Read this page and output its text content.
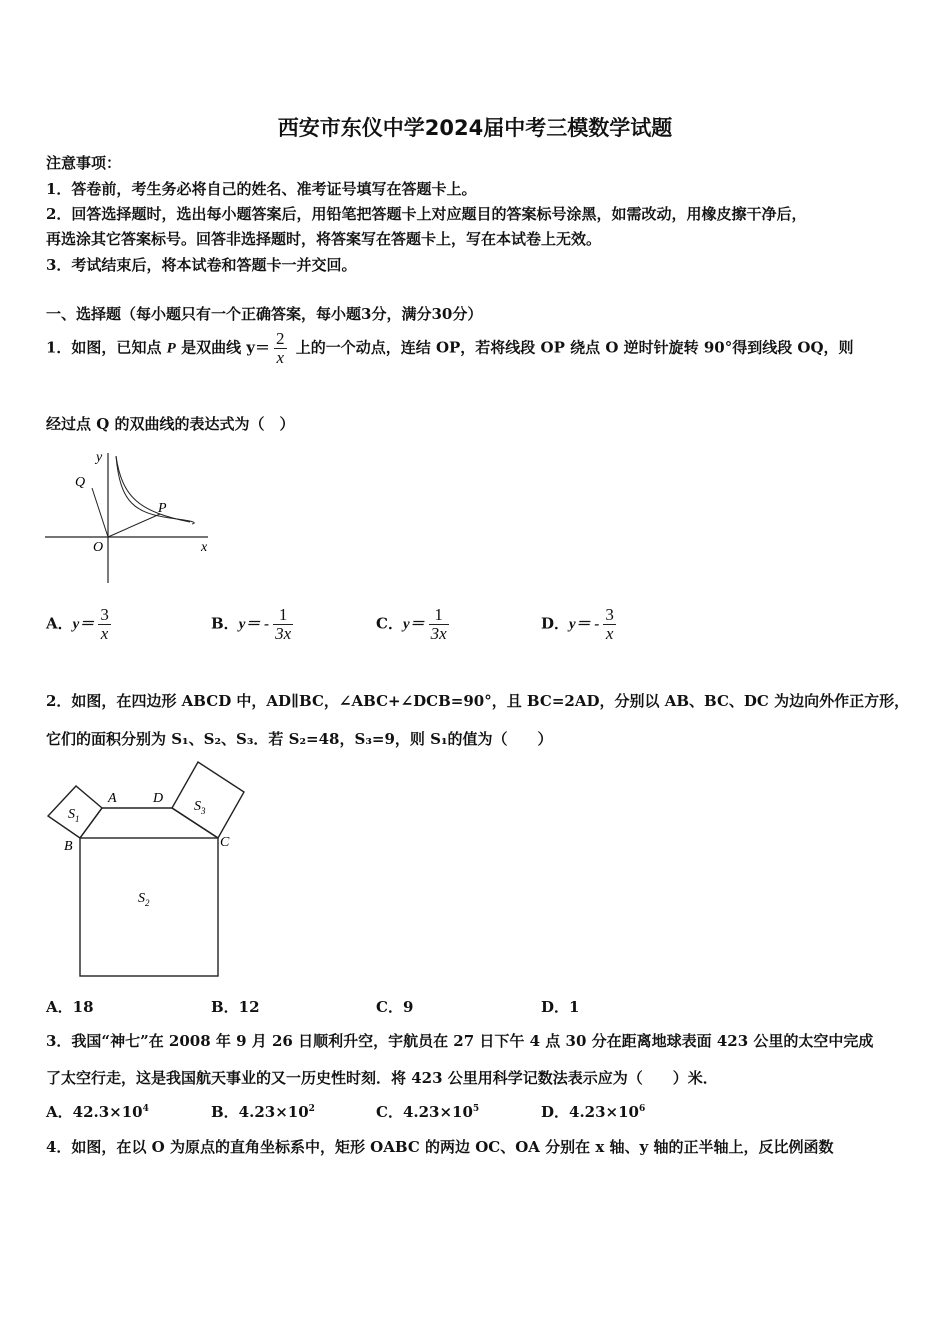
西安市东仪中学2024届中考三模数学试题
注意事项：
1．答卷前，考生务必将自己的姓名、准考证号填写在答题卡上。
2．回答选择题时，选出每小题答案后，用铅笔把答题卡上对应题目的答案标号涂黑，如需改动，用橡皮擦干净后，
再选涂其它答案标号。回答非选择题时，将答案写在答题卡上，写在本试卷上无效。
3．考试结束后，将本试卷和答题卡一并交回。
一、选择题（每小题只有一个正确答案，每小题3分，满分30分）
1．如图，已知点 P 是双曲线 $y= \frac{2}{x}$ 上的一个动点，连结 OP，若将线段 OP 绕点 O 逆时针旋转 90°得到线段 OQ，则
经过点 Q 的双曲线的表达式为（　）
y
x
O
P
Q
A．$y= \frac{3}{x}$	B．$y= - \frac{1}{3x}$	C．$y= \frac{1}{3x}$	D．$y= - \frac{3}{x}$
2．如图，在四边形 ABCD 中，AD∥BC，∠ABC+∠DCB=90°，且 BC=2AD，分别以 AB、BC、DC 为边向外作正方形，
它们的面积分别为 S₁、S₂、S₃．若 S₂=48，S₃=9，则 S₁的值为（　　）
A	D
B	C
$S_1$
$S_2$
$S_3$
A．18	B．12	C．9	D．1
3．我国“神七”在 2008 年 9 月 26 日顺利升空，宇航员在 27 日下午 4 点 30 分在距离地球表面 423 公里的太空中完成
了太空行走，这是我国航天事业的又一历史性时刻．将 423 公里用科学记数法表示应为（　　）米．
A．$42.3\times 10^4$	B．$4.23\times 10^2$	C．$4.23\times 10^5$	D．$4.23\times 10^6$
4．如图，在以 O 为原点的直角坐标系中，矩形 OABC 的两边 OC、OA 分别在 x 轴、y 轴的正半轴上，反比例函数
